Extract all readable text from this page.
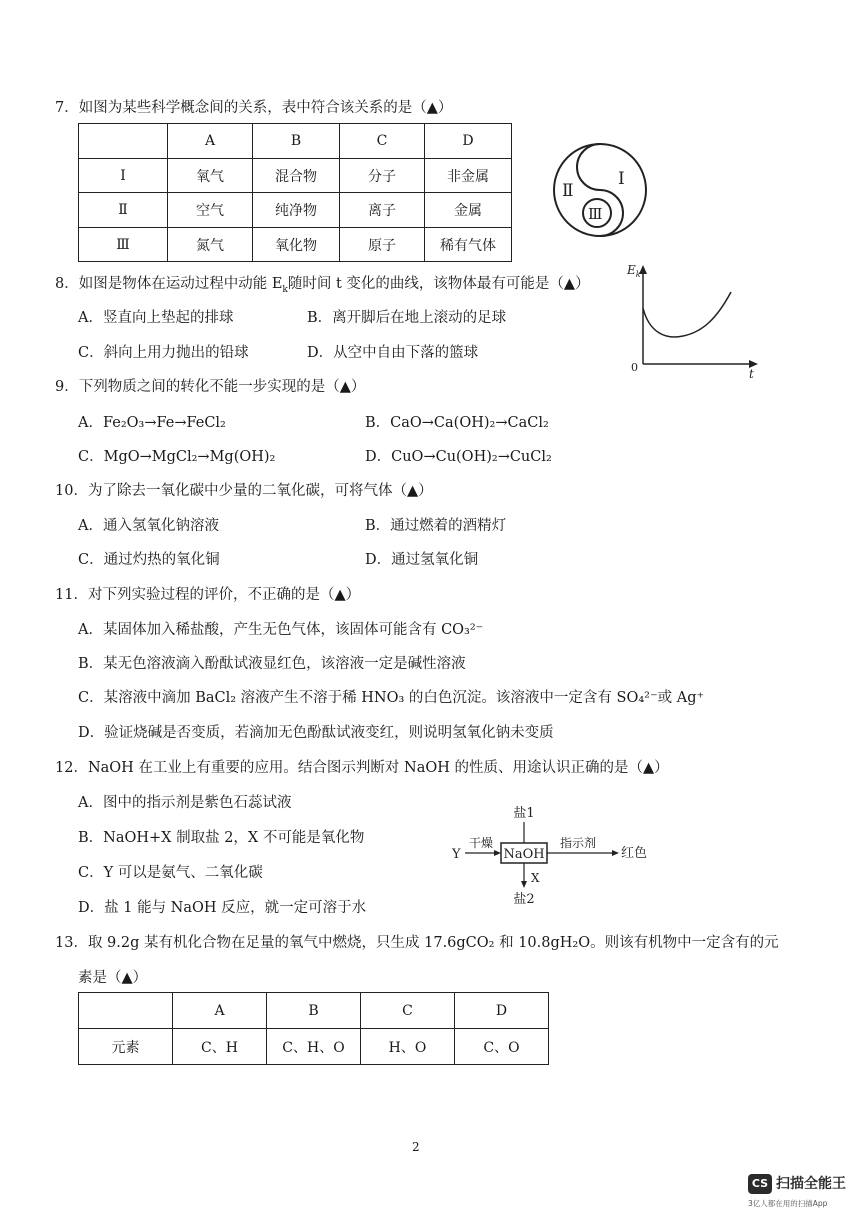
7．如图为某些科学概念间的关系，表中符合该关系的是（▲）
	A	B	C	D
Ⅰ	氧气	混合物	分子	非金属
Ⅱ	空气	纯净物	离子	金属
Ⅲ	氮气	氧化物	原子	稀有气体
Ⅰ
Ⅱ
Ⅲ
8．如图是物体在运动过程中动能 $E_k$随时间 t 变化的曲线，该物体最有可能是（▲）
A．竖直向上垫起的排球	B．离开脚后在地上滚动的足球
C．斜向上用力抛出的铅球	D．从空中自由下落的篮球
$E_k$
0	t
9．下列物质之间的转化不能一步实现的是（▲）
A．Fe₂O₃→Fe→FeCl₂	B．CaO→Ca(OH)₂→CaCl₂
C．MgO→MgCl₂→Mg(OH)₂	D．CuO→Cu(OH)₂→CuCl₂
10．为了除去一氧化碳中少量的二氧化碳，可将气体（▲）
A．通入氢氧化钠溶液	B．通过燃着的酒精灯
C．通过灼热的氧化铜	D．通过氢氧化铜
11．对下列实验过程的评价，不正确的是（▲）
A．某固体加入稀盐酸，产生无色气体，该固体可能含有 CO₃²⁻
B．某无色溶液滴入酚酞试液显红色，该溶液一定是碱性溶液
C．某溶液中滴加 BaCl₂ 溶液产生不溶于稀 HNO₃ 的白色沉淀。该溶液中一定含有 SO₄²⁻或 Ag⁺
D．验证烧碱是否变质，若滴加无色酚酞试液变红，则说明氢氧化钠未变质
12．NaOH 在工业上有重要的应用。结合图示判断对 NaOH 的性质、用途认识正确的是（▲）
A．图中的指示剂是紫色石蕊试液
B．NaOH+X 制取盐 2，X 不可能是氧化物
C．Y 可以是氨气、二氧化碳
D．盐 1 能与 NaOH 反应，就一定可溶于水
NaOH
盐1
Y
干燥	指示剂
红色
X
盐2
13．取 9.2g 某有机化合物在足量的氧气中燃烧，只生成 17.6gCO₂ 和 10.8gH₂O。则该有机物中一定含有的元
素是（▲）
	A	B	C	D
元素	C、H	C、H、O	H、O	C、O
2
CS 扫描全能王
3亿人都在用的扫描App
